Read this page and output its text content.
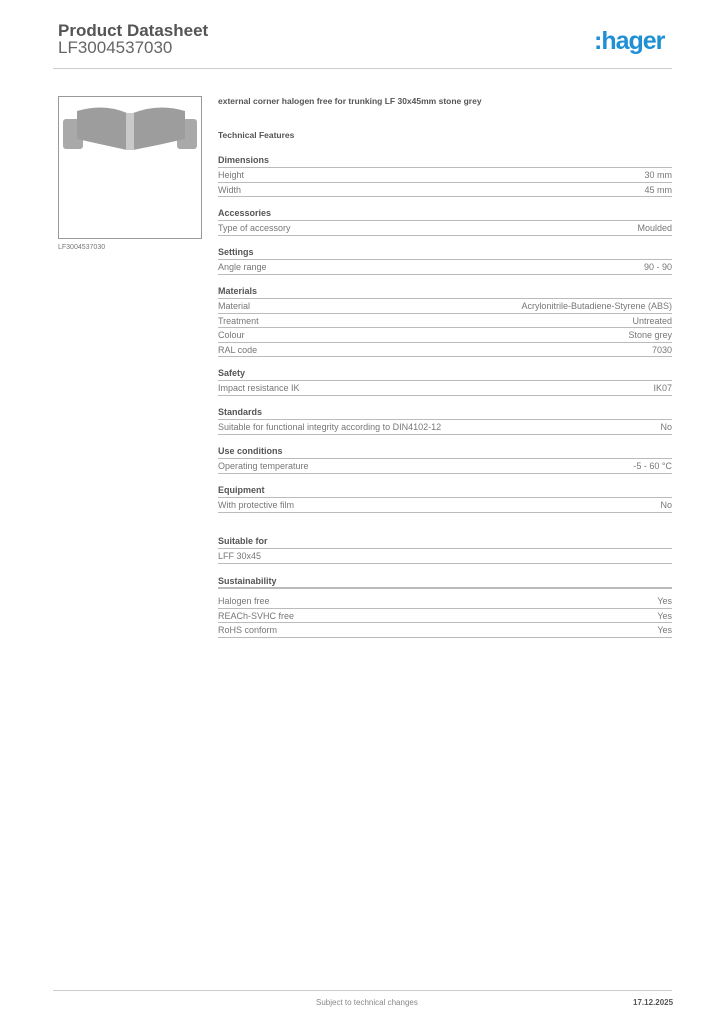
Product Datasheet
LF3004537030	:hager
LF3004537030
external corner halogen free for trunking LF 30x45mm stone grey
Technical Features
Dimensions
Height	30 mm
Width	45 mm
Accessories
Type of accessory	Moulded
Settings
Angle range	90 - 90
Materials
Material	Acrylonitrile-Butadiene-Styrene (ABS)
Treatment	Untreated
Colour	Stone grey
RAL code	7030
Safety
Impact resistance IK	IK07
Standards
Suitable for functional integrity according to DIN4102-12	No
Use conditions
Operating temperature	-5 - 60 °C
Equipment
With protective film	No
Suitable for
LFF 30x45
Sustainability
Halogen free	Yes
REACh-SVHC free	Yes
RoHS conform	Yes
Subject to technical changes	17.12.2025
